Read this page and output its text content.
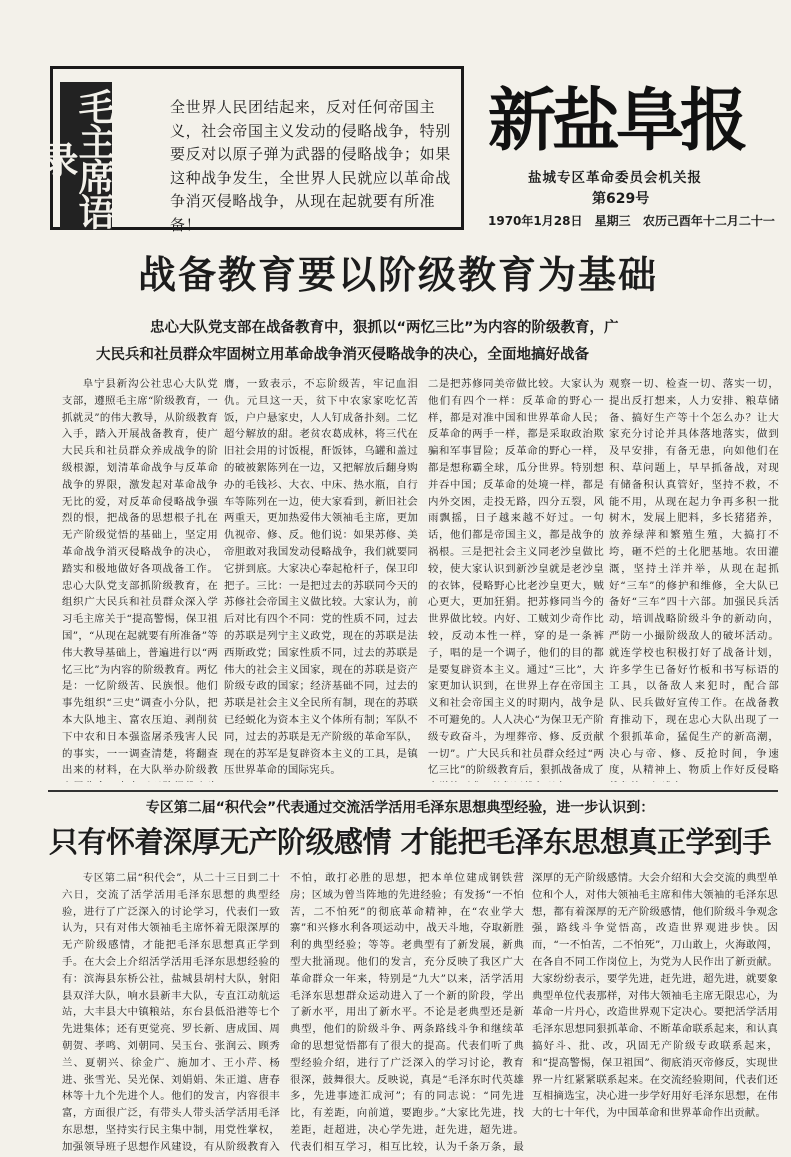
毛主席语录
全世界人民团结起来，反对任何帝国主义，社会帝国主义发动的侵略战争，特别要反对以原子弹为武器的侵略战争；如果这种战争发生，全世界人民就应以革命战争消灭侵略战争，从现在起就要有所准备！
新盐阜报
盐城专区革命委员会机关报
第629号
1970年1月28日 星期三 农历己酉年十二月二十一
战备教育要以阶级教育为基础
忠心大队党支部在战备教育中，狠抓以“两忆三比”为内容的阶级教育，广
大民兵和社员群众牢固树立用革命战争消灭侵略战争的决心，全面地搞好战备

阜宁县新沟公社忠心大队党支部，遵照毛主席“阶级教育，一抓就灵”的伟大教导，从阶级教育入手，踏入开展战备教育，使广大民兵和社员群众养成战争的阶级根源，划清革命战争与反革命战争的界限，激发起对革命战争无比的爱，对反革命侵略战争强烈的恨，把战备的思想根子扎在无产阶级觉悟的基础上，坚定用革命战争消灭侵略战争的决心，踏实和极地做好各项战备工作。忠心大队党支部抓阶级教育，在组织广大民兵和社员群众深入学习毛主席关于“提高警惕，保卫祖国”，“从现在起就要有所准备”等伟大教导基础上，普遍进行以“两忆三比”为内容的阶级教育。两忆是：一忆阶级苦、民族恨。他们事先组织“三史”调查小分队，把本大队地主、富农压迫、剥削贫下中农和日本强盗屠杀残害人民的事实，一一调查清楚，将翻查出来的材料，在大队举办阶级教

膺，一致表示，不忘阶级苦，牢记血泪仇。元旦这一天，贫下中农家家吃忆苦饭，户户悬家史，人人钉成备扑刻。二忆超兮解放的甜。老贫农葛成林，将三代在旧社会用的讨饭棍，酐饭钵，乌罐和盖过的破被絮陈列在一边，又把解放后翻身购办的毛钱衫、大衣、中床、热水瓶，自行车等陈列在一边，使大家看到，新旧社会两重天，更加热爱伟大领袖毛主席，更加仇视帝、修、反。他们说：如果苏修、美帝胆敢对我国发动侵略战争，我们就要同它拼到底。大家决心奉起枪杆子，保卫印把子。三比：一是把过去的苏联同今天的苏修社会帝国主义做比较。大家认为，前后对比有四个不同：党的性质不同，过去的苏联是列宁主义政党，现在的苏联是法西斯政党；国家性质不同，过去的苏联是伟大的社会主义国家，现在的苏联是资产阶级专政的国家；经济基础不同，过去的苏联是社会主义全民所有制，现在的苏联已经蜕化为资本主义个体所有制；军队不同，过去的苏联是无产阶级的革命军队，现在的苏军是复辟资本主义的工具，是镇压世界革命的国际宪兵。

二是把苏修同美帝做比较。大家认为他们有四个一样：反革命的野心一样，都是对准中国和世界革命人民；反革命的两手一样，都是采取政治欺骗和军事冒险；反革命的野心一样，都是想称霸全球，瓜分世界。特别想并吞中国；反革命的处境一样，都是内外交困，走投无路，四分五裂，风雨飘摇，日子越来越不好过。一句话，他们都是帝国主义，都是战争的祸根。三是把社会主义同老沙皇做比较，使大家认识到新沙皇就是老沙皇的衣钵，侵略野心比老沙皇更大，贼心更大，更加狂狷。把苏修同当今的世界做比较。内好、工贼刘少奇作比较，反动本性一样，穿的是一条裤子，唱的是一个调子，他们的目的都是要复辟资本主义。通过“三比”，大家更加认识到，在世界上存在帝国主义和社会帝国主义的时期内，战争是不可避免的。人人决心“为保卫无产阶级专政奋斗，为埋葬帝、修、反贡献一切”。广大民兵和社员群众经过“两忆三比”的阶级教育后，狠抓战备成了

观察一切、检查一切、落实一切，提出反打想来，人力安排、粮草储备、搞好生产等十个怎么办？让大家充分讨论并具体落地落实，做到及早安排，有备无患，向如他们在积、草问题上，早早抓备战，对现有储备积认真管好，坚持不救，不能不用，从现在起力争再多积一批树木，发展上肥料，多长猪猪养，放养绿萍和繁殖生殖，大搞打不垮，砸不烂的土化肥基地。农田灌溉，坚持土洋并举，从现在起抓好“三车”的修护和维修，全大队已备好“三车”四十六部。加强民兵活动，培训战略阶级斗争的新动向，严防一小撮阶级敌人的破坏活动。就连学校也积极打好了战备计划，许多学生已备好竹板和书写标语的工具，以备敌人来犯时，配合部队、民兵做好宣传工作。在战备教育推动下，现在忠心大队出现了一个狠抓革命，猛促生产的新高潮，决心与帝、修、反抢时间，争速度，从精神上、物质上作好反侵略

专区第二届“积代会”代表通过交流活学活用毛泽东思想典型经验，进一步认识到：
只有怀着深厚无产阶级感情 才能把毛泽东思想真正学到手

专区第二届“积代会”，从二十三日到二十六日，交流了活学活用毛泽东思想的典型经验，进行了广泛深入的讨论学习，代表们一致认为，只有对伟大领袖毛主席怀着无限深厚的无产阶级感情，才能把毛泽东思想真正学到手。在大会上介绍活学活用毛泽东思想经验的有：滨海县东桥公社，盐城县胡村大队，射阳县双洋大队，响水县新丰大队，专直江动航运站，大丰县大中镇粮站，东台县低沿港等七个先进集体；还有更觉亮、罗长新、唐成国、周朝贺、孝鸣、刘朝同、吴玉台、张润云、顾秀兰、夏朝兴、徐金广、施加才、王小芹、杨进、张雪光、吴光保、刘娟娟、朱正道、唐春林等十九个先进个人。他们的发言，内容很丰富，方面很广泛，有带头人带头活学活用毛泽东思想，坚持实行民主集中制，用党性掌权，加强领导班子思想作风建设，有从阶级教育入

不怕，敢打必胜的思想，把本单位建成钢铁营房；区域为曾当阵地的先进经验；有发扬“一不怕苦，二不怕死”的彻底革命精神，在“农业学大寨”和兴修水利各项运动中，战天斗地，夺取新胜利的典型经验；等等。老典型有了新发展，新典型大批涌现。他们的发言，充分反映了我区广大革命群众一年来，特别是“九大”以来，活学活用毛泽东思想群众运动进入了一个新的阶段，学出了新水平，用出了新水平。不论是老典型还是新典型，他们的阶级斗争、两条路线斗争和继续革命的思想觉悟都有了很大的提高。代表们听了典型经验介绍，进行了广泛深入的学习讨论，教育很深，鼓舞很大。反映说，真是“毛泽东时代英雄多，先进事迹汇成河”；有的同志说：“同先进比，有差距，向前道，要跑步。”大家比先进，找差距，赶超进，决心学先进，赶先进，超先进。代表们相互学习，相互比较，认为千条万条，最

深厚的无产阶级感情。大会介绍和大会交流的典型单位和个人，对伟大领袖毛主席和伟大领袖的毛泽东思想，都有着深厚的无产阶级感情，他们阶级斗争观念强，路线斗争觉悟高，改造世界观进步快。因而，“一不怕苦，二不怕死”，刀山敢上，火海敢闯，在各自不同工作岗位上，为党为人民作出了新贡献。大家纷纷表示，要学先进，赶先进，超先进，就要象典型单位代表那样，对伟大领袖毛主席无限忠心，为革命一片丹心，改造世界观下定决心。要把活学活用毛泽东思想同狠抓革命、不断革命联系起来，和认真搞好斗、批、改，巩固无产阶级专政联系起来，和“提高警惕，保卫祖国”、彻底消灭帝修反，实现世界一片红紧紧联系起来。在交流经验期间，代表们还互相摘选宝，决心进一步学好用好毛泽东思想，在伟大的七十年代，为中国革命和世界革命作出贡献。
